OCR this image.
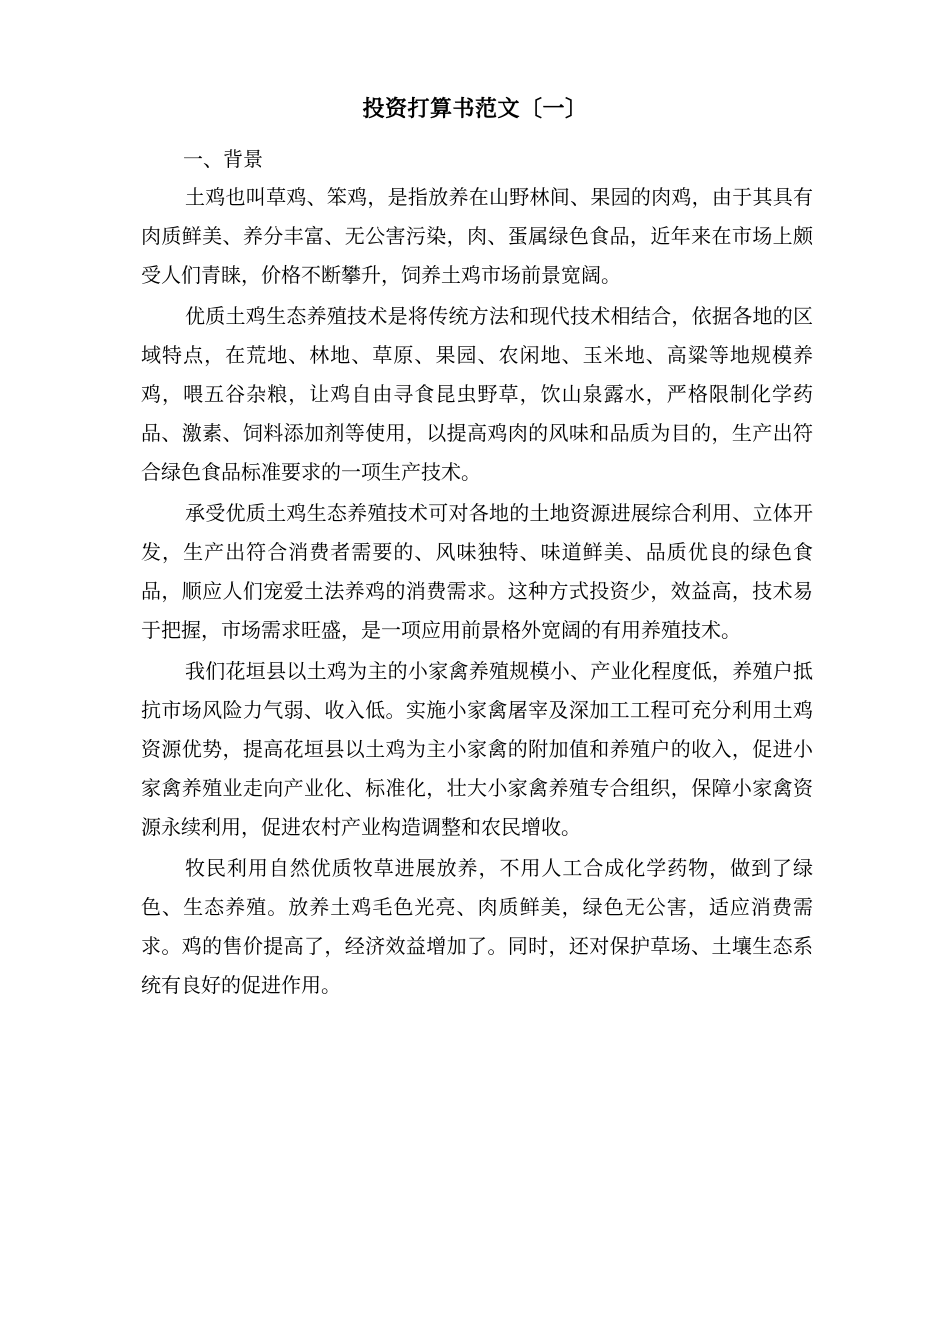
投资打算书范文〔一〕

一、背景

土鸡也叫草鸡、笨鸡，是指放养在山野林间、果园的肉鸡，由于其具有肉质鲜美、养分丰富、无公害污染，肉、蛋属绿色食品，近年来在市场上颇受人们青睐，价格不断攀升，饲养土鸡市场前景宽阔。

优质土鸡生态养殖技术是将传统方法和现代技术相结合，依据各地的区域特点，在荒地、林地、草原、果园、农闲地、玉米地、高粱等地规模养鸡，喂五谷杂粮，让鸡自由寻食昆虫野草，饮山泉露水，严格限制化学药品、激素、饲料添加剂等使用，以提高鸡肉的风味和品质为目的，生产出符合绿色食品标准要求的一项生产技术。

承受优质土鸡生态养殖技术可对各地的土地资源进展综合利用、立体开发，生产出符合消费者需要的、风味独特、味道鲜美、品质优良的绿色食品，顺应人们宠爱土法养鸡的消费需求。这种方式投资少，效益高，技术易于把握，市场需求旺盛，是一项应用前景格外宽阔的有用养殖技术。

我们花垣县以土鸡为主的小家禽养殖规模小、产业化程度低，养殖户抵抗市场风险力气弱、收入低。实施小家禽屠宰及深加工工程可充分利用土鸡资源优势，提高花垣县以土鸡为主小家禽的附加值和养殖户的收入，促进小家禽养殖业走向产业化、标准化，壮大小家禽养殖专合组织，保障小家禽资源永续利用，促进农村产业构造调整和农民增收。

牧民利用自然优质牧草进展放养，不用人工合成化学药物，做到了绿色、生态养殖。放养土鸡毛色光亮、肉质鲜美，绿色无公害，适应消费需求。鸡的售价提高了，经济效益增加了。同时，还对保护草场、土壤生态系统有良好的促进作用。
